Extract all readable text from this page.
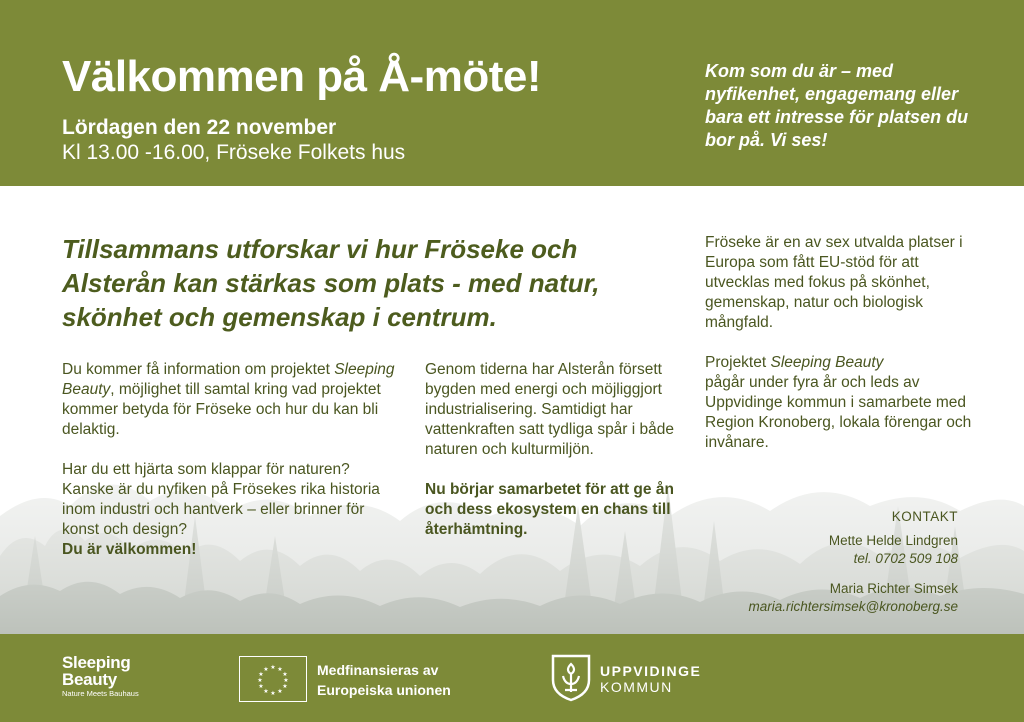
Välkommen på Å-möte!
Lördagen den 22 november
Kl 13.00 -16.00, Fröseke Folkets hus
Kom som du är – med nyfikenhet, engagemang eller bara ett intresse för platsen du bor på. Vi ses!
Tillsammans utforskar vi hur Fröseke och Alsterån kan stärkas som plats - med natur, skönhet och gemenskap i centrum.

Du kommer få information om projektet Sleeping Beauty, möjlighet till samtal kring vad projektet kommer betyda för Fröseke och hur du kan bli delaktig.

Har du ett hjärta som klappar för naturen? Kanske är du nyfiken på Frösekes rika historia inom industri och hantverk – eller brinner för konst och design?
Du är välkommen!

Genom tiderna har Alsterån försett bygden med energi och möjliggjort industrialisering. Samtidigt har vattenkraften satt tydliga spår i både naturen och kulturmiljön.

Nu börjar samarbetet för att ge ån och dess ekosystem en chans till återhämtning.

Fröseke är en av sex utvalda platser i Europa som fått EU-stöd för att utvecklas med fokus på skönhet, gemenskap, natur och biologisk mångfald.

Projektet Sleeping Beauty
pågår under fyra år och leds av Uppvidinge kommun i samarbete med Region Kronoberg, lokala förengar och invånare.

KONTAKT
Mette Helde Lindgren
tel. 0702 509 108
Maria Richter Simsek
maria.richtersimsek@kronoberg.se
Sleeping
Beauty
Nature Meets Bauhaus
★ ★
★
★
★
★
★
★
★
★
★
★	Medfinansieras av
Europeiska unionen
UPPVIDINGE
KOMMUN
